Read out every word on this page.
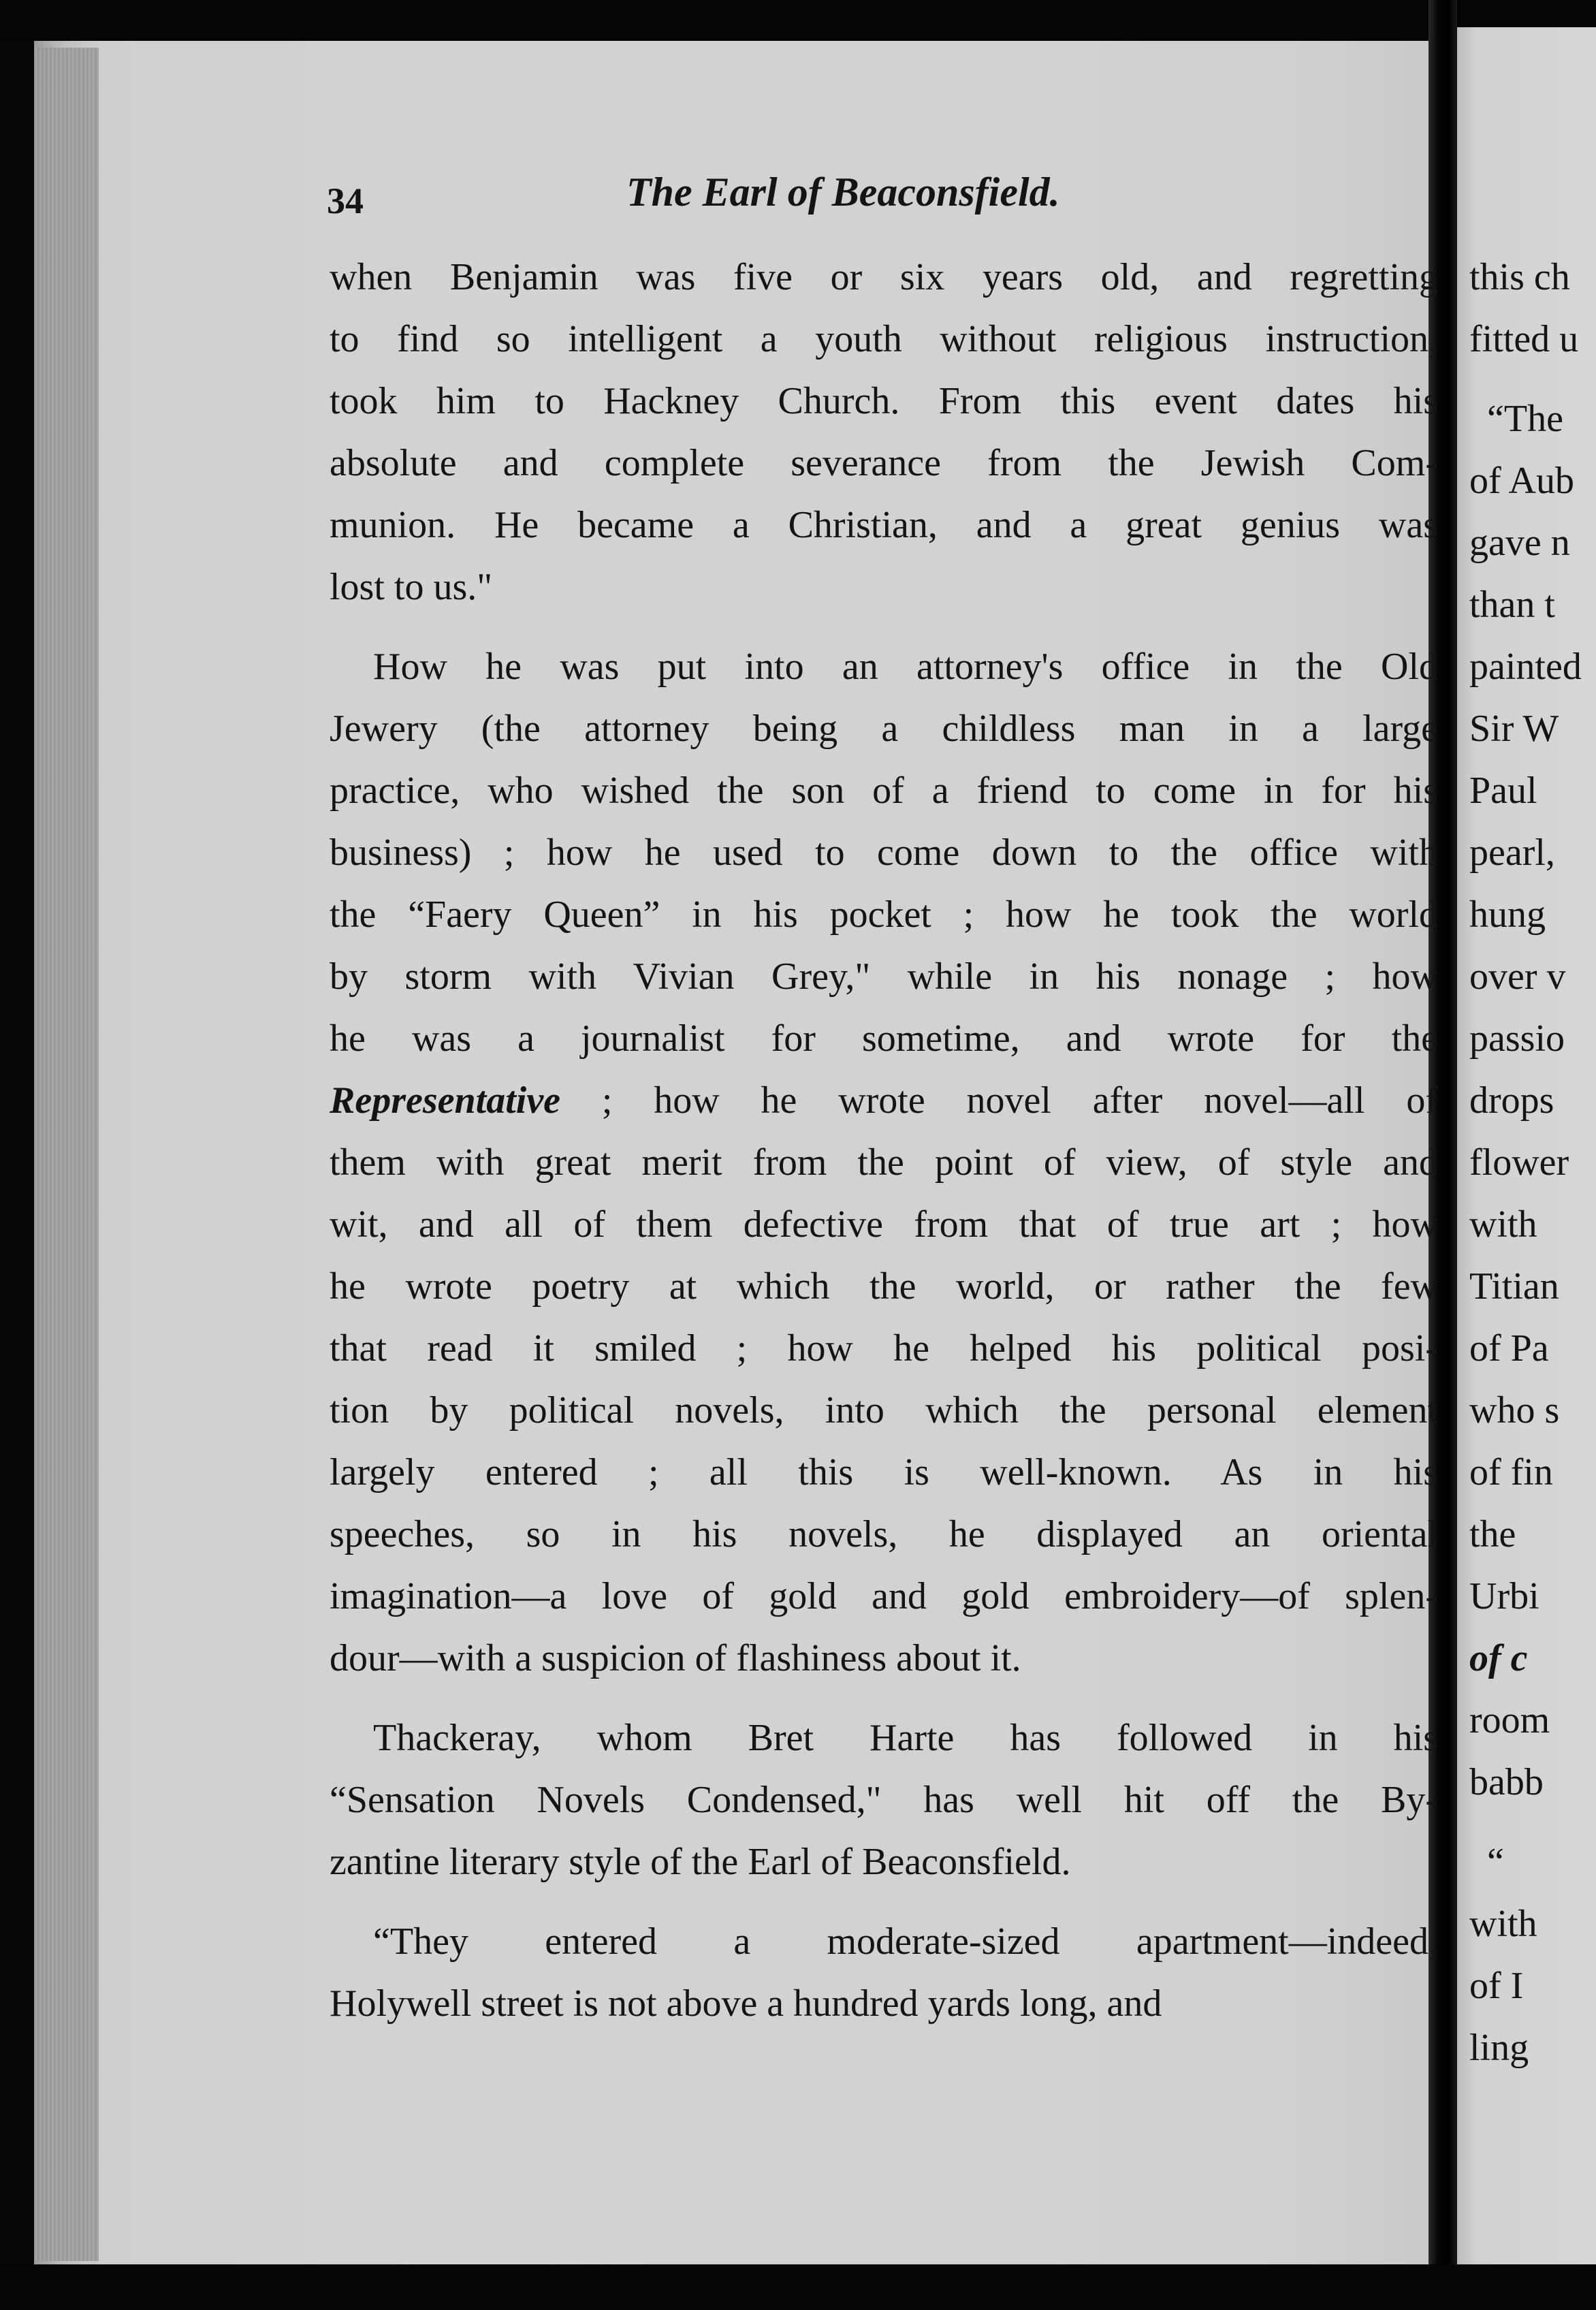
34	The Earl of Beaconsfield.

when Benjamin was five or six years old, and regretting
to find so intelligent a youth without religious instruction,
took him to Hackney Church. From this event dates his
absolute and complete severance from the Jewish Com-
munion. He became a Christian, and a great genius was
lost to us."

How he was put into an attorney's office in the Old
Jewery (the attorney being a childless man in a large
practice, who wished the son of a friend to come in for his
business) ; how he used to come down to the office with
the “Faery Queen” in his pocket ; how he took the world
by storm with Vivian Grey," while in his nonage ; how
he was a journalist for sometime, and wrote for the
Representative ; how he wrote novel after novel—all of
them with great merit from the point of view, of style and
wit, and all of them defective from that of true art ; how
he wrote poetry at which the world, or rather the few
that read it smiled ; how he helped his political posi-
tion by political novels, into which the personal element
largely entered ; all this is well-known. As in his
speeches, so in his novels, he displayed an oriental
imagination—a love of gold and gold embroidery—of splen-
dour—with a suspicion of flashiness about it.

Thackeray, whom Bret Harte has followed in his
“Sensation Novels Condensed," has well hit off the By-
zantine literary style of the Earl of Beaconsfield.

“They entered a moderate-sized apartment—indeed,
Holywell street is not above a hundred yards long, and

this ch
fitted u
“The
of Aub
gave n
than t
painted
Sir W
Paul
pearl,
hung
over v
passio
drops
flower
with
Titian
of Pa
who s
of fin
the
Urbi
of c
room
babb
“
with
of I
ling
